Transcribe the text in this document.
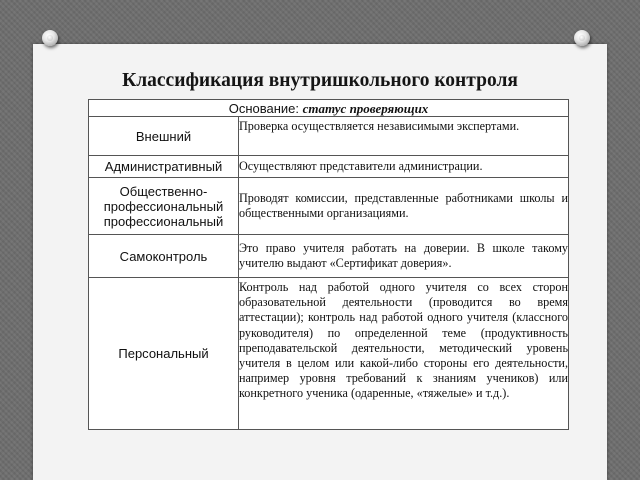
Классификация внутришкольного контроля
Основание: статус проверяющих	
Внешний	Проверка осуществляется независимыми экспертами.
Административный	Осуществляют представители администрации.
Общественно-профессиональный профессиональный	Проводят комиссии, представленные работниками школы и общественными организациями.
Самоконтроль	Это право учителя работать на доверии. В школе такому учителю выдают «Сертификат доверия».
Персональный	Контроль над работой одного учителя со всех сторон образовательной деятельности (проводится во время аттестации); контроль над работой одного учителя (классного руководителя) по определенной теме (продуктивность преподавательской деятельности, методический уровень учителя в целом или какой-либо стороны его деятельности, например уровня требований к знаниям учеников) или конкретного ученика (одаренные, «тяжелые» и т.д.).
